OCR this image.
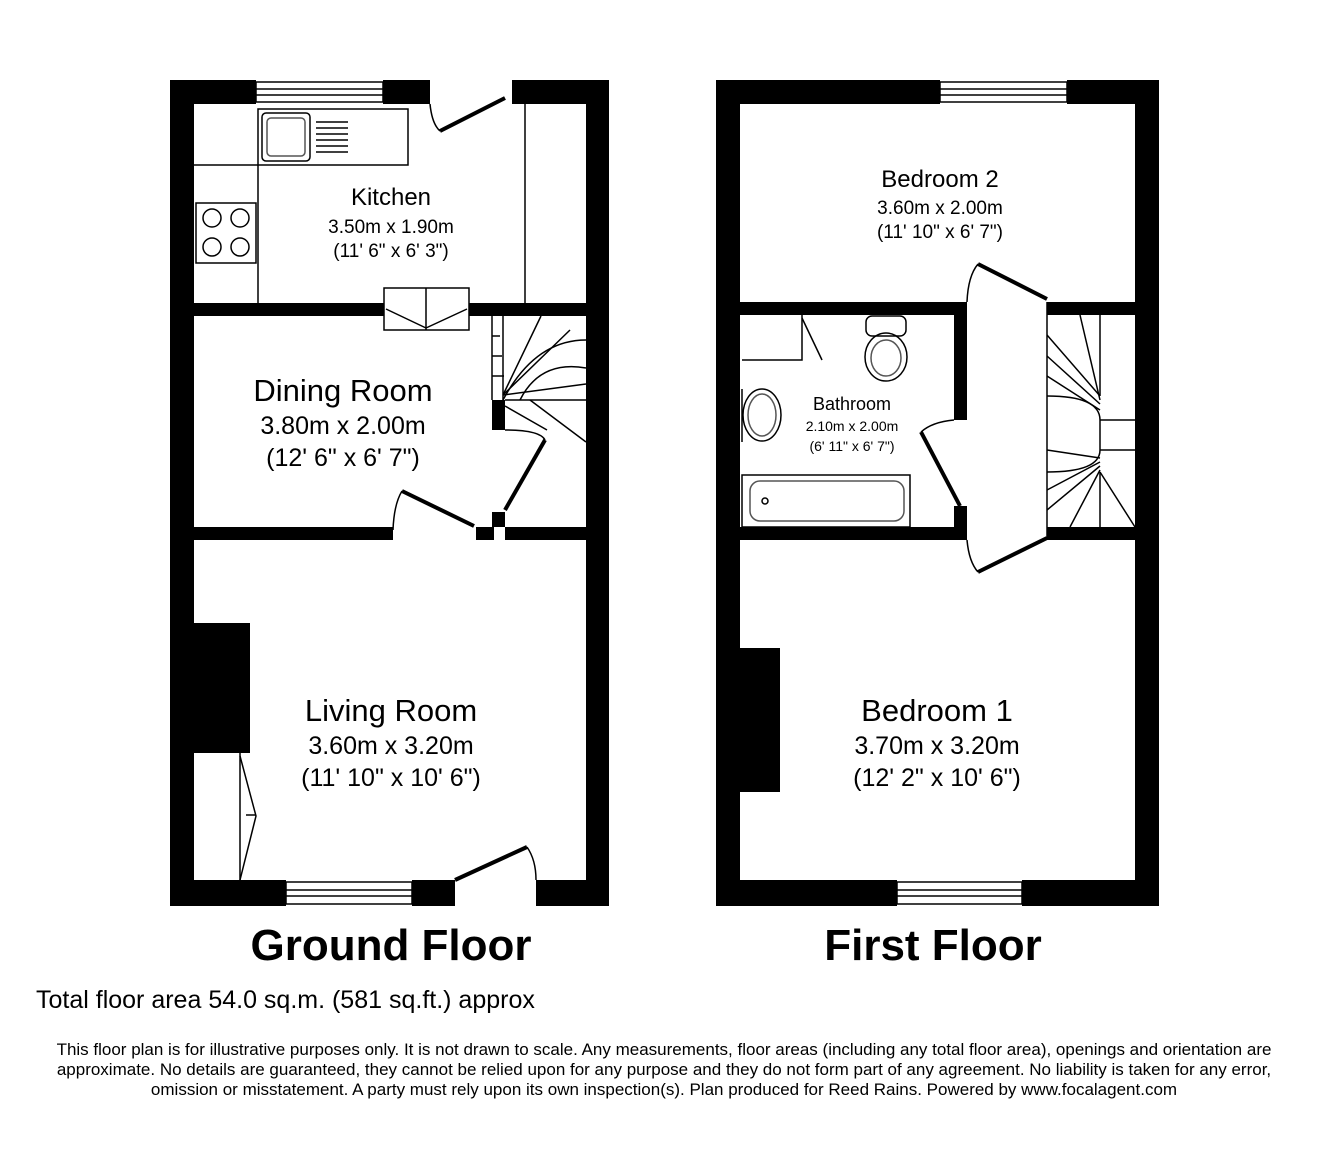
Kitchen
3.50m x 1.90m
(11' 6" x 6' 3")
Dining Room
3.80m x 2.00m
(12' 6" x 6' 7")
Living Room
3.60m x 3.20m
(11' 10" x 10' 6")
Bedroom 2
3.60m x 2.00m
(11' 10" x 6' 7")
Bathroom
2.10m x 2.00m
(6' 11" x 6' 7")
Bedroom 1
3.70m x 3.20m
(12' 2" x 10' 6")
Ground Floor	First Floor

Total floor area 54.0 sq.m. (581 sq.ft.) approx

This floor plan is for illustrative purposes only. It is not drawn to scale. Any measurements, floor areas (including any total floor area), openings and orientation are approximate. No details are guaranteed, they cannot be relied upon for any purpose and they do not form part of any agreement. No liability is taken for any error, omission or misstatement. A party must rely upon its own inspection(s). Plan produced for Reed Rains. Powered by www.focalagent.com
